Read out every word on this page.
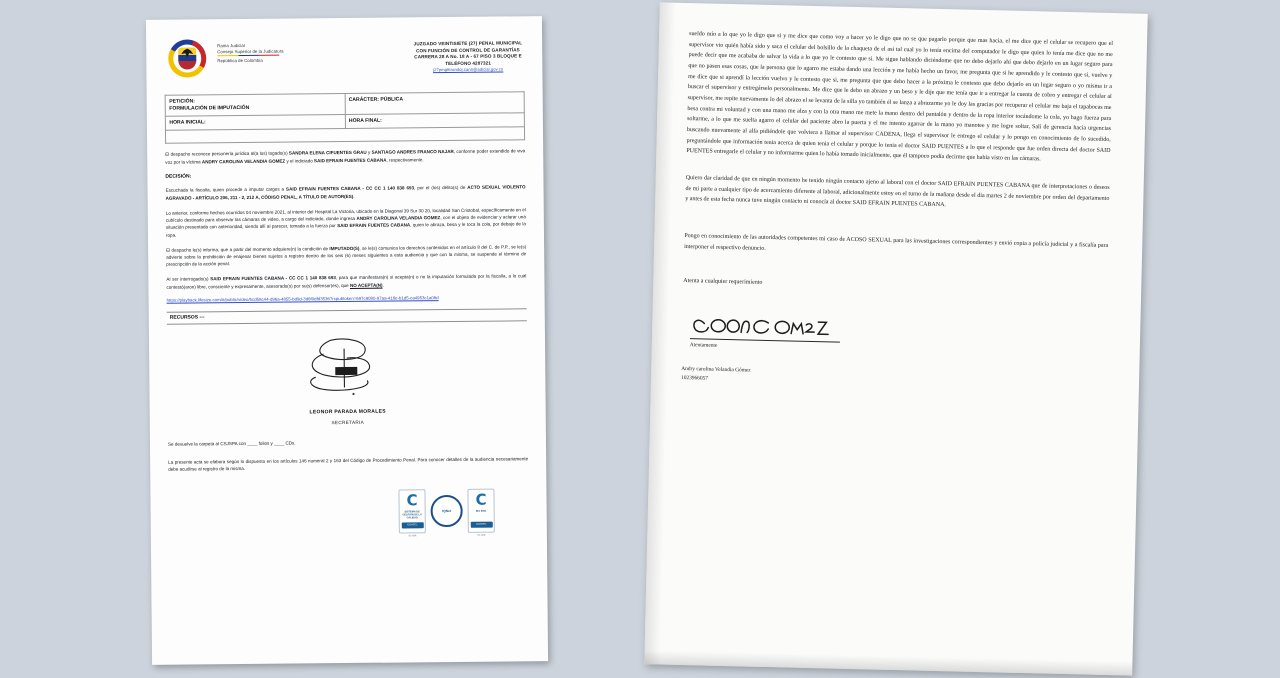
Rama Judicial
Consejo Superior de la Judicatura
República de Colombia
JUZGADO VEINTISIETE (27) PENAL MUNICIPAL
CON FUNCIÓN DE CONTROL DE GARANTÍAS
CARRERA 28 A No. 18 A - 67 PISO 3 BLOQUE E
TELÉFONO 4287321
j27pmglttrondoj.cann@adicial.gov.co
PETICIÓN:
FORMULACIÓN DE IMPUTACIÓN	CARÁCTER: PÚBLICA
HORA INICIAL:	HORA FINAL:

El despacho reconoce personería jurídica al(a los) togado(s) SANDRA ELENA CIFUENTES GRAU y SANTIAGO ANDRES FRANCO NAJAR, conforme poder extendido de viva voz por la víctima ANDRY CAROLINA VELANDIA GOMEZ y el indiciado SAID EFRAIN FUENTES CABANA, respectivamente.

DECISIÓN:

Escuchada la fiscalía, quien procede a imputar cargos a SAID EFRAIN FUENTES CABANA - CC CC 1 140 838 693, por el (los) delito(s) de ACTO SEXUAL VIOLENTO AGRAVADO - ARTÍCULO 206, 211 - 2, 212 A, CÓDIGO PENAL, A TÍTULO DE AUTOR(ES).

Lo anterior, conforme hechos ocurridos 04 noviembre 2021, al interior del Hospital La Victoria, ubicado en la Diagonal 39 Sur 30 20, localidad San Cristobal, específicamente en el cubículo destinado para observar las cámaras de video, a cargo del indiciado, donde ingresa ANDRY CAROLINA VELANDIA GOMEZ, con el objeto de evidenciar y aclarar una situación presentada con anterioridad, siendo allí al parecer, tomada a la fuerza por SAID EFRAIN FUENTES CABANA, quien le abraza, besa y le toca la cola, por debajo de la ropa.

El despacho le(s) informa, que a partir del momento adquiere(n) la condición de IMPUTADO(S), se le(s) comunica los derechos contenidos en el artículo 8 del C. de P.P., se le(s) advierte sobre la prohibición de enajenar bienes sujetos a registro dentro de los seis (6) meses siguientes a esta audiencia y que con la misma, se suspende el término de prescripción de la acción penal.

Al ser interrogado(s) SAID EFRAIN FUENTES CABANA - CC CC 1 140 838 693, para que manifestara(n) si acepta(n) o no la imputación formulada por la fiscalía, a lo cual contestó(aron) libre, consciente y expresamente, asesorado(s) por su(s) defensor(es), que NO ACEPTA(N).

https://playback.lifesize.com/#/public/video/bcd58c44-d96a-4855-bd9d-3d6f0dfd3536?rcpubtoken=697c9080-97aa-416e-b1d5-ca4953c1a06d
RECURSOS ---
LEONOR PARADA MORALES
SECRETARIA

Se devuelve la carpeta al CSJSPA con ____ folios y ____ CDs.

La presente acta se elabora según lo dispuesto en los artículos 146 numeral 2 y 163 del Código de Procedimiento Penal. Para conocer detalles de la audiencia necesariamente debe acudirse al registro de la misma.

C
SISTEMA DE GESTIÓN DE LA CALIDAD
ICONTEC
SC-CER
IQNet
C
ISO 9001
ICONTEC
SC-CER

sueldo mío a lo que yo le digo que si y me dice que como voy a hacer yo le digo que no se que pagarlo porque que mas hacia, el me dice que el celular se recupero que el supervisor vio quién había sido y saca el celular del bolsillo de la chaqueta de el así tal cual yo lo tenía encima del computador le digo que quien lo tenía me dice que no me puede decir que me acababa de salvar la vida a lo que yo le contesto que si. Me sigue hablando diciéndome que no debo dejarlo ahí que debo dejarlo en un lugar seguro para que no pasen esas cosas, que la persona que lo agarro me estaba dando una lección y me había hecho un favor, me pregunta que si he aprendido y le contesto que si, vuelve y me dice que si aprendí la lección vuelvo y le contesto que si, me pregunta que que debo hacer a la próxima le contesto que debo dejarlo en un lugar seguro o yo misma ir a buscar el supervisor y entregárselo personalmente. Me dice que le debo un abrazo y un beso y le dije que me tenía que ir a entregar la cuenta de cobro y entregar el celular al supervisor, me repite nuevamente lo del abrazo el se levanta de la silla yo también él se lanza a abrazarme yo le doy las gracias por recuperar el celular me baja el tapabocas me besa contra mi voluntad y con una mano me alza y con la otra mano me mete la mano dentro del pantalón y dentro de la ropa interior tocándome la cola, yo hago fuerza para soltarme, a lo que me suelta agarro el celular del paciente abro la puerta y el me intento agarrar de la mano yo manotee y me logre soltar, Salí de gerencia hacia urgencias buscando nuevamente al alfa pidiéndole que volviera a llamar al supervisor CADENA, llega el supervisor le entrego el celular y lo pongo en conocimiento de lo sucedido, preguntándole que información tenia acerca de quien tenia el celular y porque lo tenia el doctor SAID PUENTES a lo que el responde que fue orden directa del doctor SAID PUENTES entregarle el celular y no informarme quien lo había tomado inicialmente, que él tampoco podía decirme que había visto en las cámaras.

Quiero dar claridad de que en ningún momento he tenido ningún contacto ajeno al laboral con el doctor SAID EFRAIN PUENTES CABANA que de interpretaciones o deseos de mi parte a cualquier tipo de acercamiento diferente al laboral, adicionalmente estoy en el turno de la mañana desde el día martes 2 de noviembre por orden del departamento y antes de esta fecha nunca tuve ningún contacto ni conocía al doctor SAID EFRAIN PUENTES CABANA.

Pongo en conocimiento de las autoridades competentes mi caso de ACOSO SEXUAL para las investigaciones correspondientes y envió copia a policía judicial y a fiscalía para interponer el respectivo denuncio.

Atenta a cualquier requerimiento

Atentamente
Andry carolina Velandia Gómez
1023966057
